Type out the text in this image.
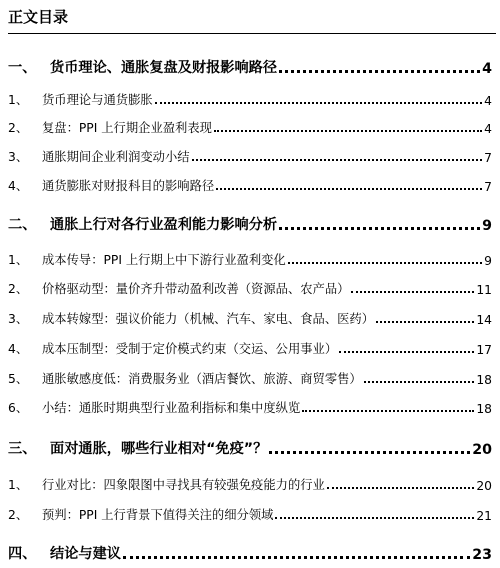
正文目录
一、 货币理论、通胀复盘及财报影响路径	4
1、	货币理论与通货膨胀	4
2、	复盘：PPI 上行期企业盈利表现	4
3、	通胀期间企业利润变动小结	7
4、	通货膨胀对财报科目的影响路径	7
二、 通胀上行对各行业盈利能力影响分析	9
1、	成本传导：PPI 上行期上中下游行业盈利变化	9
2、	价格驱动型：量价齐升带动盈利改善（资源品、农产品）	11
3、	成本转嫁型：强议价能力（机械、汽车、家电、食品、医药）	14
4、	成本压制型：受制于定价模式约束（交运、公用事业）	17
5、	通胀敏感度低：消费服务业（酒店餐饮、旅游、商贸零售）	18
6、	小结：通胀时期典型行业盈利指标和集中度纵览	18
三、 面对通胀，哪些行业相对“免疫”？	20
1、	行业对比：四象限图中寻找具有较强免疫能力的行业	20
2、	预判：PPI 上行背景下值得关注的细分领域	21
四、 结论与建议	23
